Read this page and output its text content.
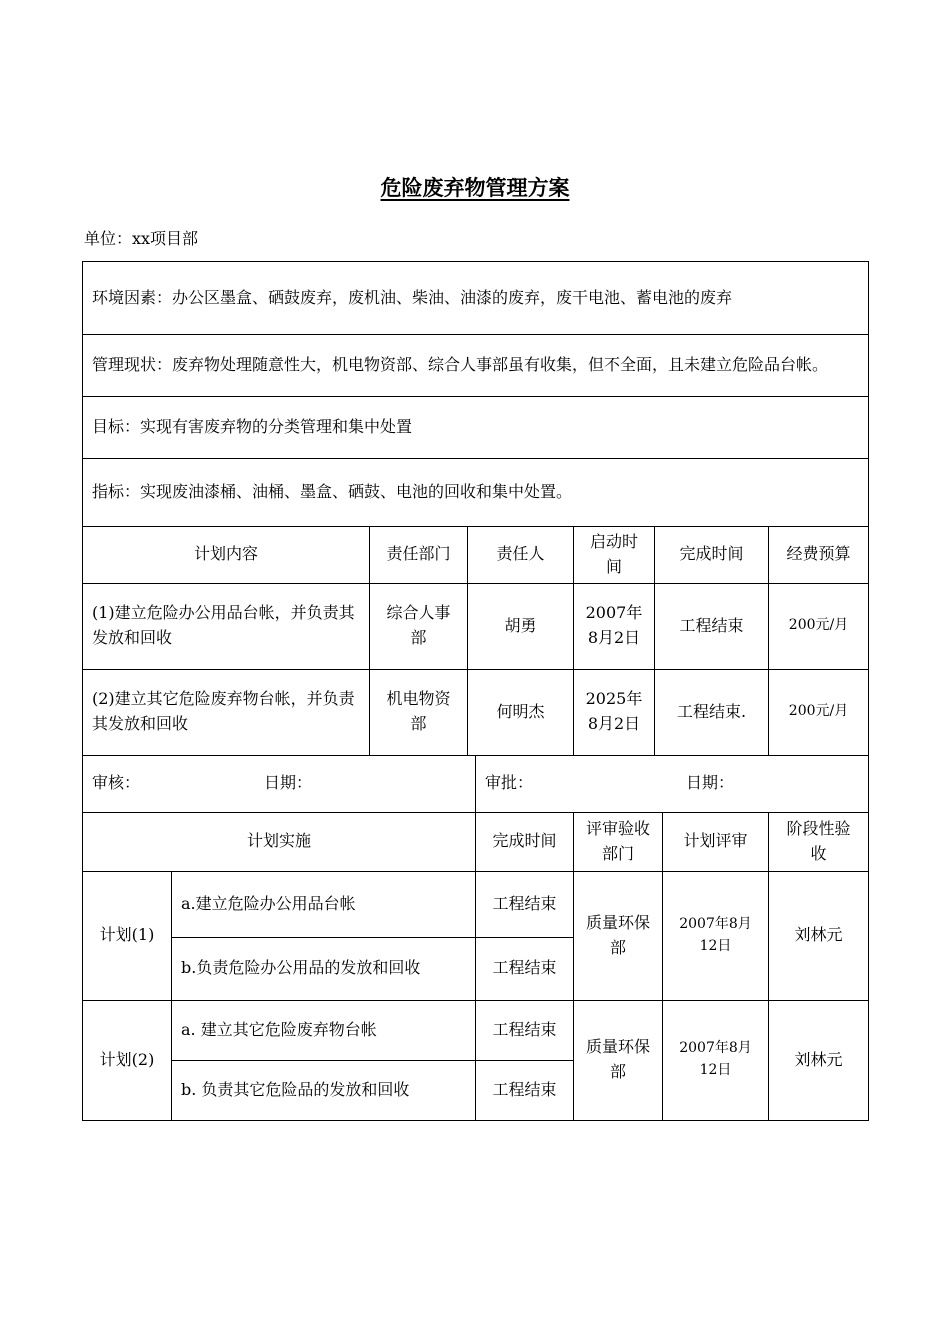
危险废弃物管理方案
单位：xx项目部
环境因素：办公区墨盒、硒鼓废弃，废机油、柴油、油漆的废弃，废干电池、蓄电池的废弃								
管理现状：废弃物处理随意性大，机电物资部、综合人事部虽有收集，但不全面，且未建立危险品台帐。								
目标：实现有害废弃物的分类管理和集中处置								
指标：实现废油漆桶、油桶、墨盒、硒鼓、电池的回收和集中处置。								
计划内容		责任部门	责任人		启动时间	完成时间		经费预算
(1)建立危险办公用品台帐，并负责其发放和回收		综合人事部	胡勇		2007年8月2日	工程结束		200元/月
(2)建立其它危险废弃物台帐，并负责其发放和回收		机电物资部	何明杰		2025年8月2日	工程结束.		200元/月

审核： 日期：				审批： 日期：				

计划实施				完成时间	评审验收部门		计划评审	阶段性验 收
计划(1)	a.建立危险办公用品台帐			工程结束	质量环保部		2007年8月12日	刘林元
	b.负责危险办公用品的发放和回收			工程结束				
计划(2)	a. 建立其它危险废弃物台帐			工程结束	质量环保部		2007年8月12日	刘林元
	b. 负责其它危险品的发放和回收			工程结束				
